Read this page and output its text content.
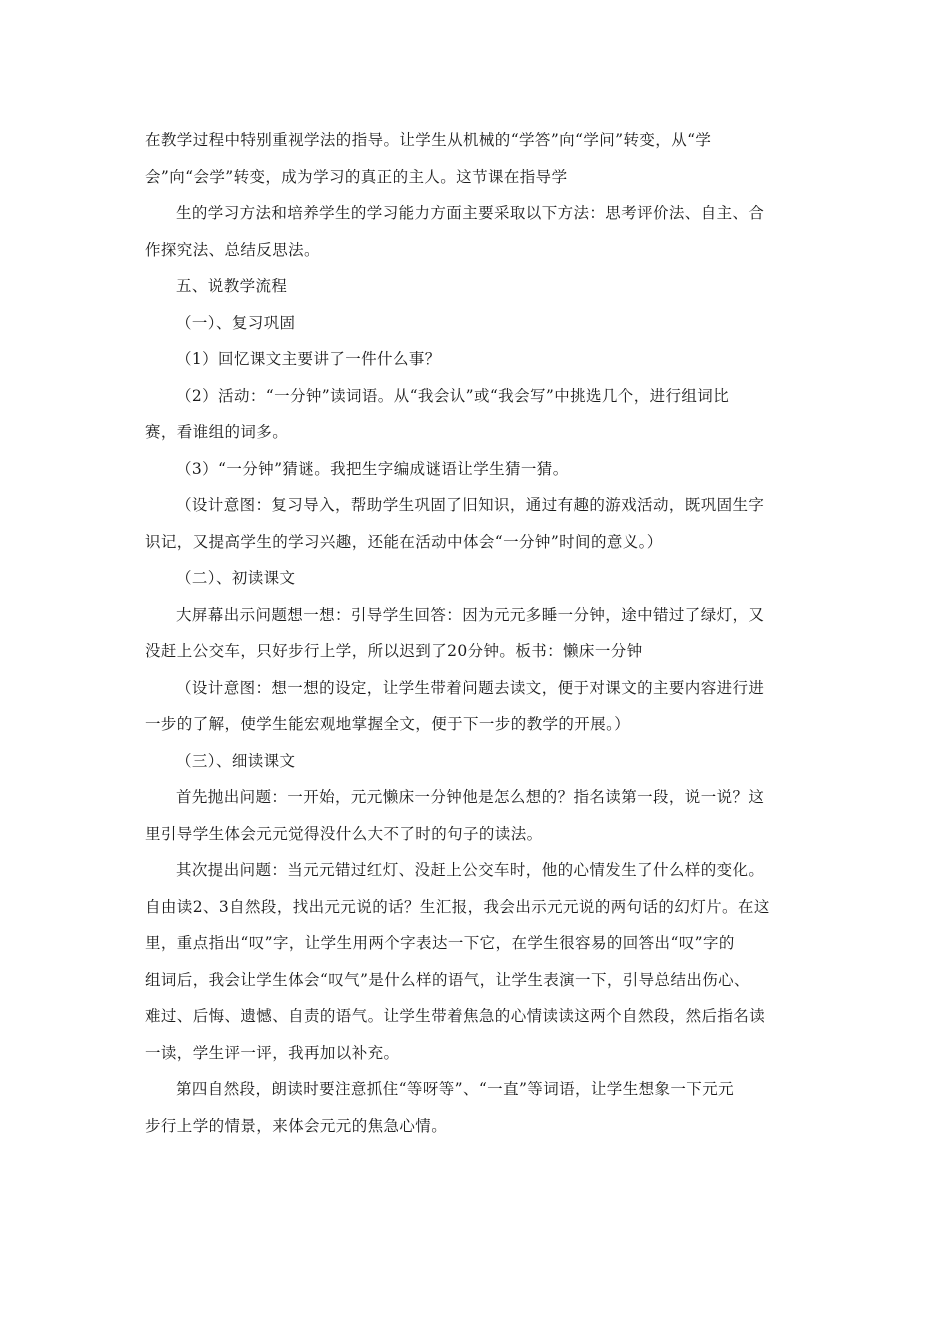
在教学过程中特别重视学法的指导。让学生从机械的“学答”向“学问”转变，从“学
会”向“会学”转变，成为学习的真正的主人。这节课在指导学
生的学习方法和培养学生的学习能力方面主要采取以下方法：思考评价法、自主、合
作探究法、总结反思法。
五、说教学流程
（一）、复习巩固
（1）回忆课文主要讲了一件什么事？
（2）活动：“一分钟”读词语。从“我会认”或“我会写”中挑选几个，进行组词比
赛，看谁组的词多。
（3）“一分钟”猜谜。我把生字编成谜语让学生猜一猜。
（设计意图：复习导入，帮助学生巩固了旧知识，通过有趣的游戏活动，既巩固生字
识记，又提高学生的学习兴趣，还能在活动中体会“一分钟”时间的意义。）
（二）、初读课文
大屏幕出示问题想一想：引导学生回答：因为元元多睡一分钟，途中错过了绿灯，又
没赶上公交车，只好步行上学，所以迟到了20分钟。板书：懒床一分钟
（设计意图：想一想的设定，让学生带着问题去读文，便于对课文的主要内容进行进
一步的了解，使学生能宏观地掌握全文，便于下一步的教学的开展。）
（三）、细读课文
首先抛出问题：一开始，元元懒床一分钟他是怎么想的？指名读第一段，说一说？这
里引导学生体会元元觉得没什么大不了时的句子的读法。
其次提出问题：当元元错过红灯、没赶上公交车时，他的心情发生了什么样的变化。
自由读2、3自然段，找出元元说的话？生汇报，我会出示元元说的两句话的幻灯片。在这
里，重点指出“叹”字，让学生用两个字表达一下它，在学生很容易的回答出“叹”字的
组词后，我会让学生体会“叹气”是什么样的语气，让学生表演一下，引导总结出伤心、
难过、后悔、遗憾、自责的语气。让学生带着焦急的心情读读这两个自然段，然后指名读
一读，学生评一评，我再加以补充。
第四自然段，朗读时要注意抓住“等呀等”、“一直”等词语，让学生想象一下元元
步行上学的情景，来体会元元的焦急心情。
